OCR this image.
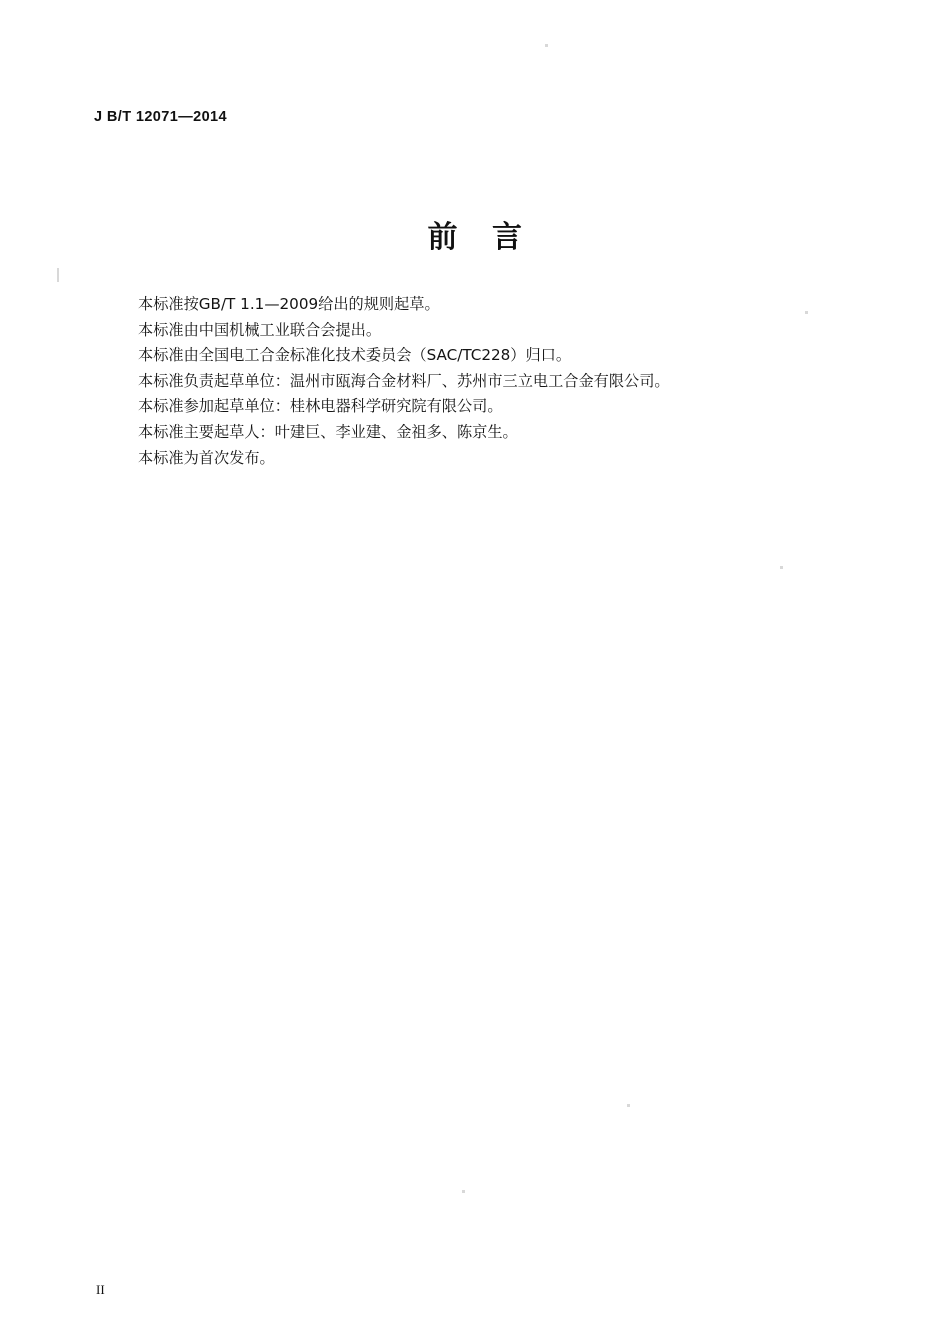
J B/T 12071—2014
前 言
本标准按GB/T 1.1—2009给出的规则起草。
本标准由中国机械工业联合会提出。
本标准由全国电工合金标准化技术委员会（SAC/TC228）归口。
本标准负责起草单位：温州市瓯海合金材料厂、苏州市三立电工合金有限公司。
本标准参加起草单位：桂林电器科学研究院有限公司。
本标准主要起草人：叶建巨、李业建、金祖多、陈京生。
本标准为首次发布。
II
